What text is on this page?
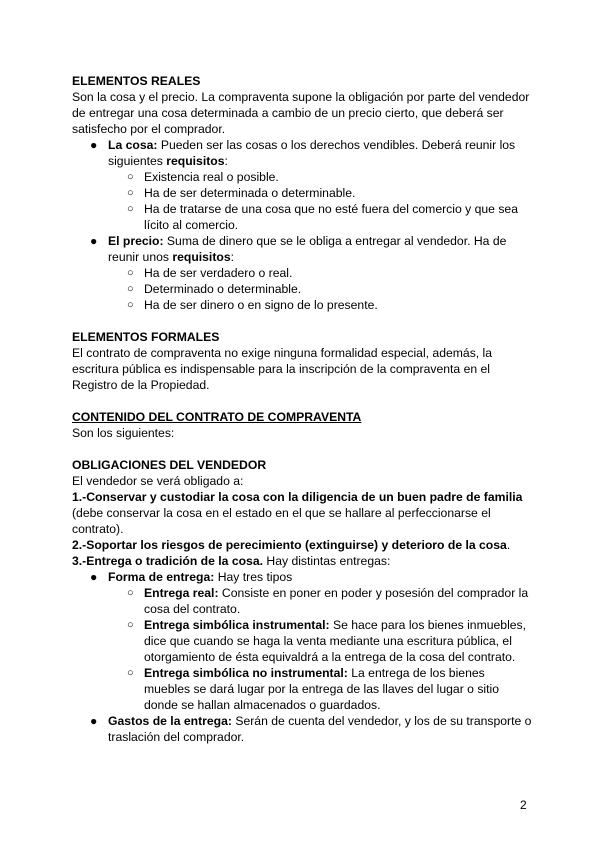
ELEMENTOS REALES

Son la cosa y el precio. La compraventa supone la obligación por parte del vendedor de entregar una cosa determinada a cambio de un precio cierto, que deberá ser satisfecho por el comprador.

● La cosa: Pueden ser las cosas o los derechos vendibles. Deberá reunir los siguientes requisitos:
○ Existencia real o posible.
○ Ha de ser determinada o determinable.
○ Ha de tratarse de una cosa que no esté fuera del comercio y que sea lícito al comercio.
● El precio: Suma de dinero que se le obliga a entregar al vendedor. Ha de reunir unos requisitos:
○ Ha de ser verdadero o real.
○ Determinado o determinable.
○ Ha de ser dinero o en signo de lo presente.

ELEMENTOS FORMALES

El contrato de compraventa no exige ninguna formalidad especial, además, la escritura pública es indispensable para la inscripción de la compraventa en el Registro de la Propiedad.

CONTENIDO DEL CONTRATO DE COMPRAVENTA

Son los siguientes:

OBLIGACIONES DEL VENDEDOR

El vendedor se verá obligado a:

1.-Conservar y custodiar la cosa con la diligencia de un buen padre de familia (debe conservar la cosa en el estado en el que se hallare al perfeccionarse el contrato).

2.-Soportar los riesgos de perecimiento (extinguirse) y deterioro de la cosa.

3.-Entrega o tradición de la cosa. Hay distintas entregas:

● Forma de entrega: Hay tres tipos
○ Entrega real: Consiste en poner en poder y posesión del comprador la cosa del contrato.
○ Entrega simbólica instrumental: Se hace para los bienes inmuebles, dice que cuando se haga la venta mediante una escritura pública, el otorgamiento de ésta equivaldrá a la entrega de la cosa del contrato.
○ Entrega simbólica no instrumental: La entrega de los bienes muebles se dará lugar por la entrega de las llaves del lugar o sitio donde se hallan almacenados o guardados.
● Gastos de la entrega: Serán de cuenta del vendedor, y los de su transporte o traslación del comprador.
2
